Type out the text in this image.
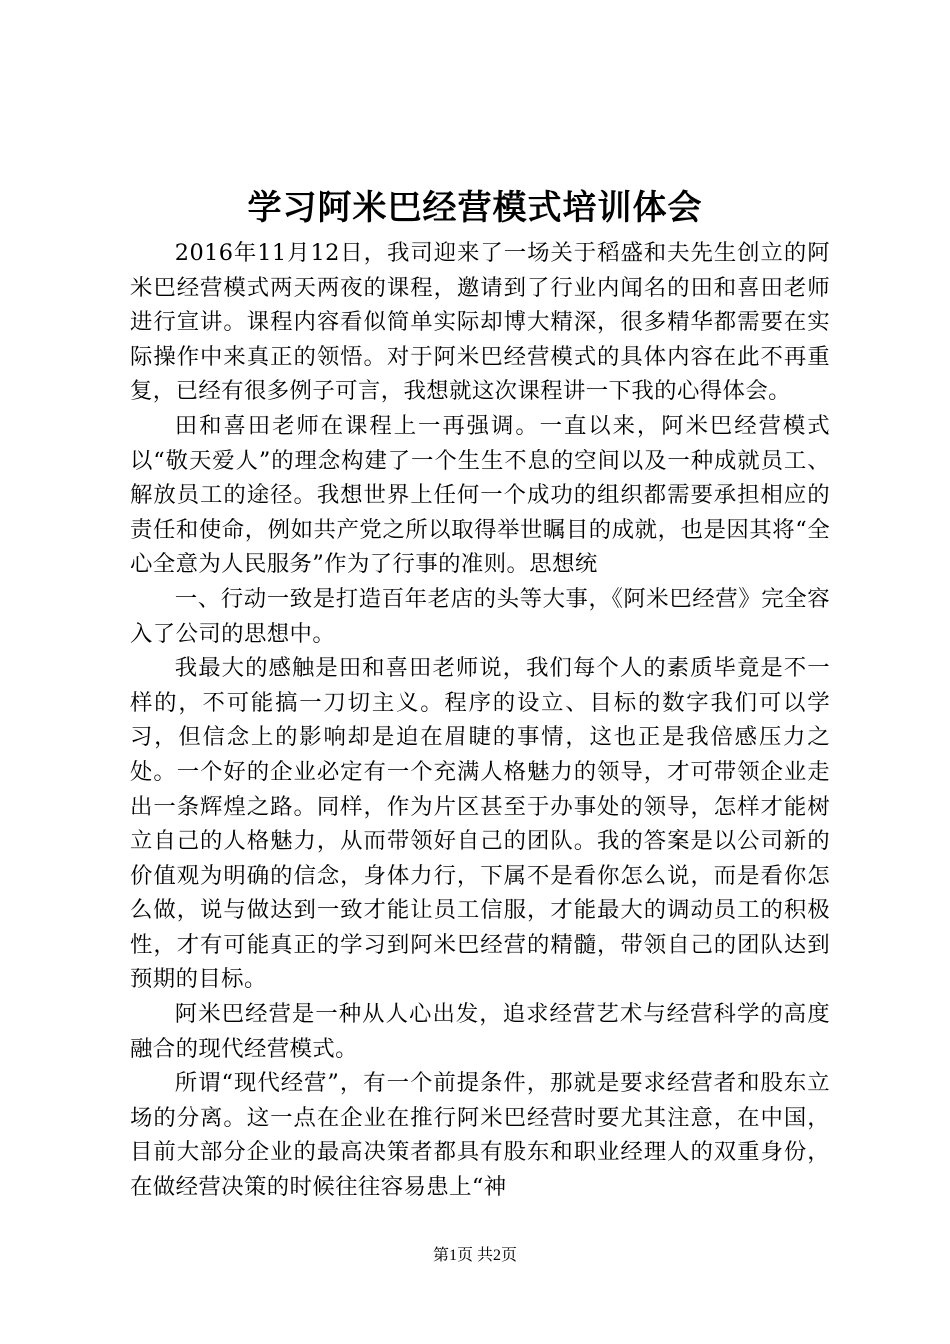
学习阿米巴经营模式培训体会

2016年11月12日，我司迎来了一场关于稻盛和夫先生创立的阿米巴经营模式两天两夜的课程，邀请到了行业内闻名的田和喜田老师进行宣讲。课程内容看似简单实际却博大精深，很多精华都需要在实际操作中来真正的领悟。对于阿米巴经营模式的具体内容在此不再重复，已经有很多例子可言，我想就这次课程讲一下我的心得体会。

田和喜田老师在课程上一再强调。一直以来，阿米巴经营模式以“敬天爱人”的理念构建了一个生生不息的空间以及一种成就员工、解放员工的途径。我想世界上任何一个成功的组织都需要承担相应的责任和使命，例如共产党之所以取得举世瞩目的成就，也是因其将“全心全意为人民服务”作为了行事的准则。思想统

一、行动一致是打造百年老店的头等大事，《阿米巴经营》完全容入了公司的思想中。

我最大的感触是田和喜田老师说，我们每个人的素质毕竟是不一样的，不可能搞一刀切主义。程序的设立、目标的数字我们可以学习，但信念上的影响却是迫在眉睫的事情，这也正是我倍感压力之处。一个好的企业必定有一个充满人格魅力的领导，才可带领企业走出一条辉煌之路。同样，作为片区甚至于办事处的领导，怎样才能树立自己的人格魅力，从而带领好自己的团队。我的答案是以公司新的价值观为明确的信念，身体力行，下属不是看你怎么说，而是看你怎么做，说与做达到一致才能让员工信服，才能最大的调动员工的积极性，才有可能真正的学习到阿米巴经营的精髓，带领自己的团队达到预期的目标。

阿米巴经营是一种从人心出发，追求经营艺术与经营科学的高度融合的现代经营模式。

所谓“现代经营”，有一个前提条件，那就是要求经营者和股东立场的分离。这一点在企业在推行阿米巴经营时要尤其注意，在中国，目前大部分企业的最高决策者都具有股东和职业经理人的双重身份，在做经营决策的时候往往容易患上“神

第1页 共2页
